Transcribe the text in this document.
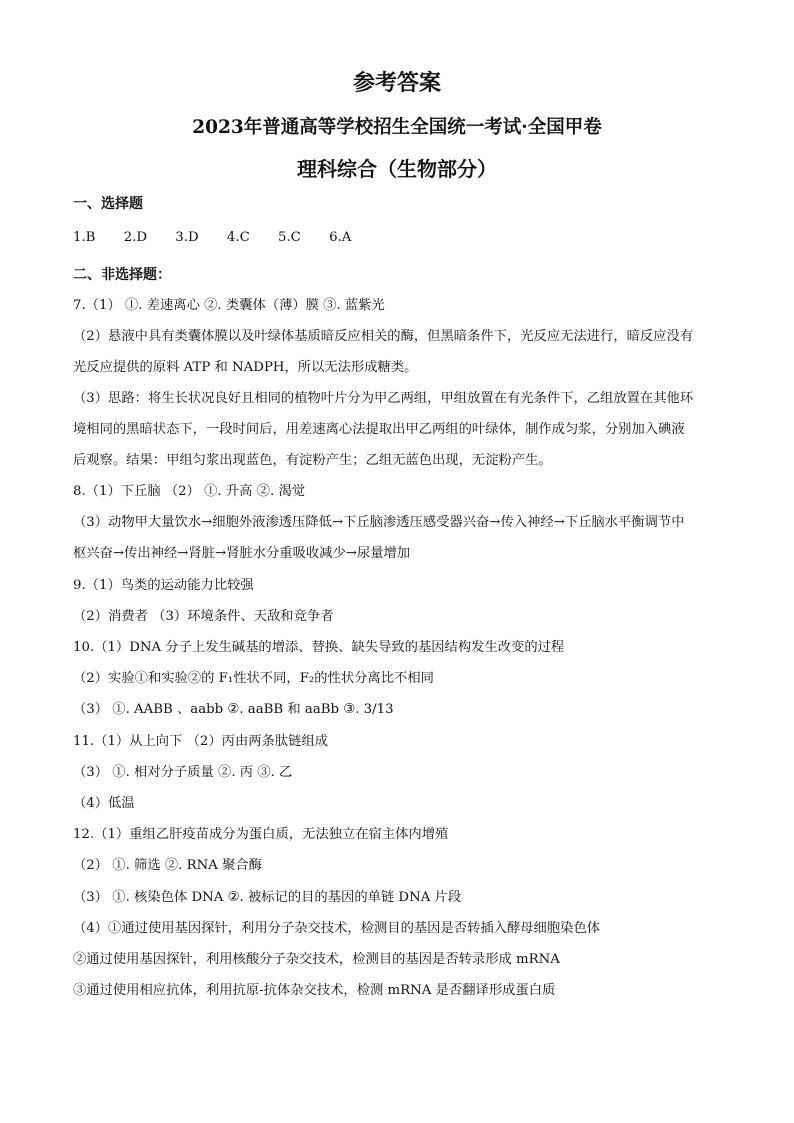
参考答案
2023年普通高等学校招生全国统一考试·全国甲卷
理科综合（生物部分）
一、选择题
1.B 2.D 3.D 4.C 5.C 6.A
二、非选择题：
7.（1） ①. 差速离心 ②. 类囊体（薄）膜 ③. 蓝紫光
（2）悬液中具有类囊体膜以及叶绿体基质暗反应相关的酶，但黑暗条件下，光反应无法进行，暗反应没有
光反应提供的原料 ATP 和 NADPH，所以无法形成糖类。
（3）思路：将生长状况良好且相同的植物叶片分为甲乙两组，甲组放置在有光条件下，乙组放置在其他环
境相同的黑暗状态下，一段时间后，用差速离心法提取出甲乙两组的叶绿体，制作成匀浆，分别加入碘液
后观察。结果：甲组匀浆出现蓝色，有淀粉产生；乙组无蓝色出现，无淀粉产生。
8.（1）下丘脑 （2） ①. 升高 ②. 渴觉
（3）动物甲大量饮水→细胞外液渗透压降低→下丘脑渗透压感受器兴奋→传入神经→下丘脑水平衡调节中
枢兴奋→传出神经→肾脏→肾脏水分重吸收减少→尿量增加
9.（1）鸟类的运动能力比较强
（2）消费者 （3）环境条件、天敌和竞争者
10.（1）DNA 分子上发生碱基的增添、替换、缺失导致的基因结构发生改变的过程
（2）实验①和实验②的 F₁性状不同，F₂的性状分离比不相同
（3） ①. AABB 、aabb ②. aaBB 和 aaBb ③. 3/13
11.（1）从上向下 （2）丙由两条肽链组成
（3） ①. 相对分子质量 ②. 丙 ③. 乙
（4）低温
12.（1）重组乙肝疫苗成分为蛋白质，无法独立在宿主体内增殖
（2） ①. 筛选 ②. RNA 聚合酶
（3） ①. 核染色体 DNA ②. 被标记的目的基因的单链 DNA 片段
（4）①通过使用基因探针，利用分子杂交技术，检测目的基因是否转插入酵母细胞染色体
②通过使用基因探针，利用核酸分子杂交技术，检测目的基因是否转录形成 mRNA
③通过使用相应抗体，利用抗原-抗体杂交技术，检测 mRNA 是否翻译形成蛋白质
